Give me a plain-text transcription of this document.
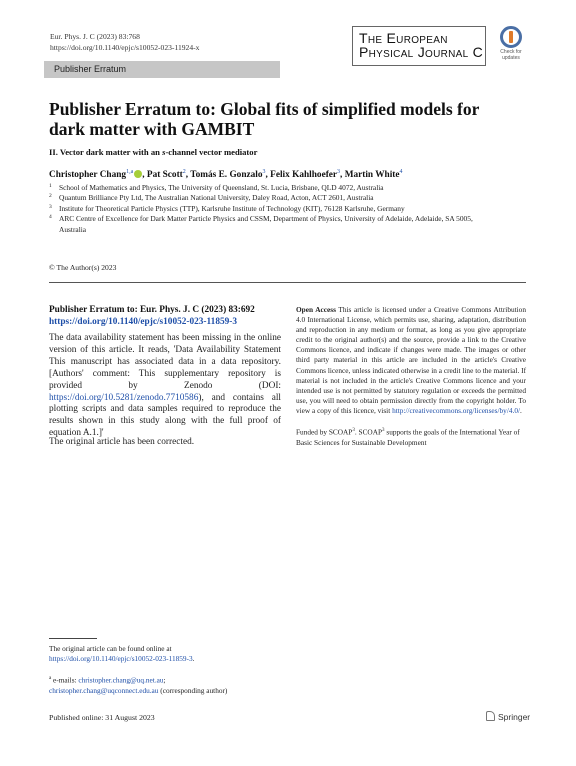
Eur. Phys. J. C (2023) 83:768
https://doi.org/10.1140/epjc/s10052-023-11924-x
The European
Physical Journal C	Check for updates
Publisher Erratum
Publisher Erratum to: Global fits of simplified models for dark matter with GAMBIT
II. Vector dark matter with an s-channel vector mediator
Christopher Chang$^{1,a}$ , Pat Scott$^2$, Tomás E. Gonzalo$^3$, Felix Kahlhoefer$^3$, Martin White$^4$
1 School of Mathematics and Physics, The University of Queensland, St. Lucia, Brisbane, QLD 4072, Australia
2 Quantum Brilliance Pty Ltd, The Australian National University, Daley Road, Acton, ACT 2601, Australia
3 Institute for Theoretical Particle Physics (TTP), Karlsruhe Institute of Technology (KIT), 76128 Karlsruhe, Germany
4 ARC Centre of Excellence for Dark Matter Particle Physics and CSSM, Department of Physics, University of Adelaide, Adelaide, SA 5005, Australia
© The Author(s) 2023
Publisher Erratum to: Eur. Phys. J. C (2023) 83:692
https://doi.org/10.1140/epjc/s10052-023-11859-3
The data availability statement has been missing in the online version of this article. It reads, 'Data Availability Statement This manuscript has associated data in a data repository. [Authors' comment: This supplementary repository is provided by Zenodo (DOI: https://doi.org/10.5281/zenodo.7710586), and contains all plotting scripts and data samples required to reproduce the results shown in this study along with the full proof of equation A.1.]'
The original article has been corrected.
Open Access This article is licensed under a Creative Commons Attribution 4.0 International License, which permits use, sharing, adaptation, distribution and reproduction in any medium or format, as long as you give appropriate credit to the original author(s) and the source, provide a link to the Creative Commons licence, and indicate if changes were made. The images or other third party material in this article are included in the article's Creative Commons licence, unless indicated otherwise in a credit line to the material. If material is not included in the article's Creative Commons licence and your intended use is not permitted by statutory regulation or exceeds the permitted use, you will need to obtain permission directly from the copyright holder. To view a copy of this licence, visit http://creativecommons.org/licenses/by/4.0/.
Funded by SCOAP$^3$. SCOAP$^3$ supports the goals of the International Year of Basic Sciences for Sustainable Development
The original article can be found online at https://doi.org/10.1140/epjc/s10052-023-11859-3.
$^a$ e-mails: christopher.chang@uq.net.au;
christopher.chang@uqconnect.edu.au (corresponding author)
Published online: 31 August 2023	Springer
